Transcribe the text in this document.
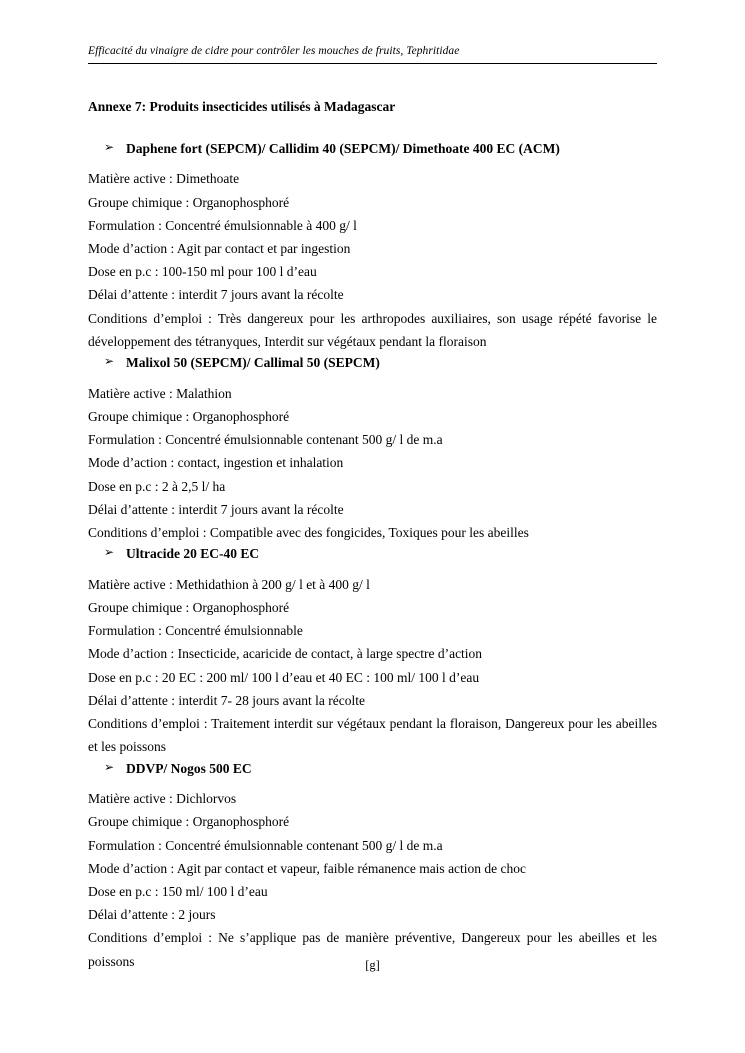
Efficacité du vinaigre de cidre pour contrôler les mouches de fruits, Tephritidae
Annexe 7: Produits insecticides utilisés à Madagascar
➢ Daphene fort (SEPCM)/ Callidim 40 (SEPCM)/ Dimethoate 400 EC (ACM)

Matière active : Dimethoate

Groupe chimique : Organophosphoré

Formulation : Concentré émulsionnable à 400 g/ l

Mode d’action : Agit par contact et par ingestion

Dose en p.c : 100-150 ml pour 100 l d’eau

Délai d’attente : interdit 7 jours avant la récolte

Conditions d’emploi : Très dangereux pour les arthropodes auxiliaires, son usage répété favorise le développement des tétranyques, Interdit sur végétaux pendant la floraison

➢ Malixol 50 (SEPCM)/ Callimal 50 (SEPCM)

Matière active : Malathion

Groupe chimique : Organophosphoré

Formulation : Concentré émulsionnable contenant 500 g/ l de m.a

Mode d’action : contact, ingestion et inhalation

Dose en p.c : 2 à 2,5 l/ ha

Délai d’attente : interdit 7 jours avant la récolte

Conditions d’emploi : Compatible avec des fongicides, Toxiques pour les abeilles

➢ Ultracide 20 EC-40 EC

Matière active : Methidathion à 200 g/ l et à 400 g/ l

Groupe chimique : Organophosphoré

Formulation : Concentré émulsionnable

Mode d’action : Insecticide, acaricide de contact, à large spectre d’action

Dose en p.c : 20 EC : 200 ml/ 100 l d’eau et 40 EC : 100 ml/ 100 l d’eau

Délai d’attente : interdit 7- 28 jours avant la récolte

Conditions d’emploi : Traitement interdit sur végétaux pendant la floraison, Dangereux pour les abeilles et les poissons

➢ DDVP/ Nogos 500 EC

Matière active : Dichlorvos

Groupe chimique : Organophosphoré

Formulation : Concentré émulsionnable contenant 500 g/ l de m.a

Mode d’action : Agit par contact et vapeur, faible rémanence mais action de choc

Dose en p.c : 150 ml/ 100 l d’eau

Délai d’attente : 2 jours

Conditions d’emploi : Ne s’applique pas de manière préventive, Dangereux pour les abeilles et les poissons	[g]
